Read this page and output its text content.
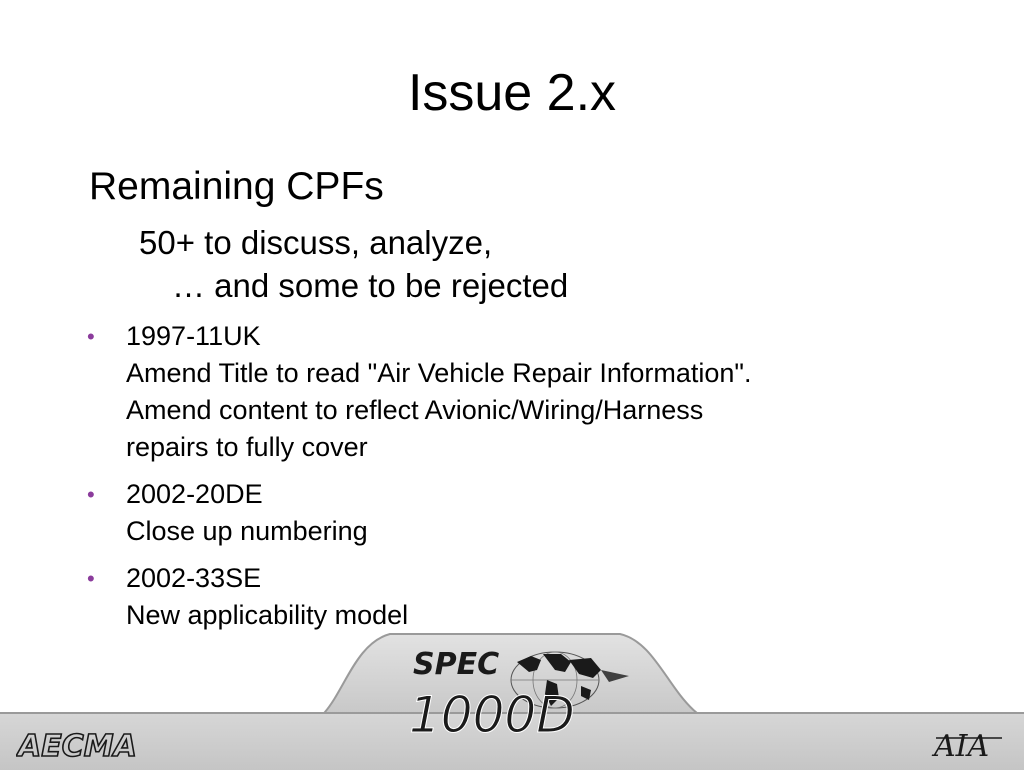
Issue 2.x
Remaining CPFs
50+ to discuss, analyze,
… and some to be rejected
• 1997-11UK
Amend Title to read "Air Vehicle Repair Information".
Amend content to reflect Avionic/Wiring/Harness
repairs to fully cover
• 2002-20DE
Close up numbering
• 2002-33SE
New applicability model
SPEC
1000D
AECMA	AIA
